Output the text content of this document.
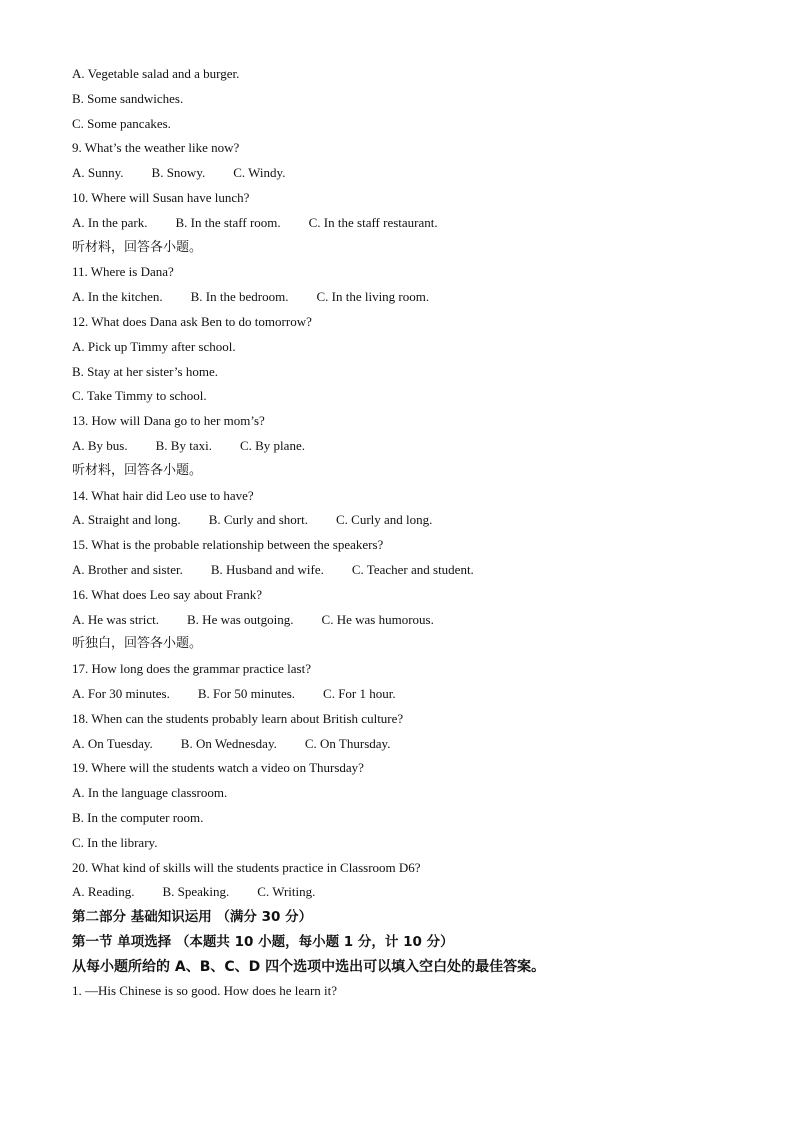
A. Vegetable salad and a burger.
B. Some sandwiches.
C. Some pancakes.
9. What’s the weather like now?
A. Sunny. B. Snowy. C. Windy.
10. Where will Susan have lunch?
A. In the park. B. In the staff room. C. In the staff restaurant.
听材料，回答各小题。
11. Where is Dana?
A. In the kitchen. B. In the bedroom. C. In the living room.
12. What does Dana ask Ben to do tomorrow?
A. Pick up Timmy after school.
B. Stay at her sister’s home.
C. Take Timmy to school.
13. How will Dana go to her mom’s?
A. By bus. B. By taxi. C. By plane.
听材料，回答各小题。
14. What hair did Leo use to have?
A. Straight and long. B. Curly and short. C. Curly and long.
15. What is the probable relationship between the speakers?
A. Brother and sister. B. Husband and wife. C. Teacher and student.
16. What does Leo say about Frank?
A. He was strict. B. He was outgoing. C. He was humorous.
听独白，回答各小题。
17. How long does the grammar practice last?
A. For 30 minutes. B. For 50 minutes. C. For 1 hour.
18. When can the students probably learn about British culture?
A. On Tuesday. B. On Wednesday. C. On Thursday.
19. Where will the students watch a video on Thursday?
A. In the language classroom.
B. In the computer room.
C. In the library.
20. What kind of skills will the students practice in Classroom D6?
A. Reading. B. Speaking. C. Writing.
第二部分 基础知识运用 （满分 30 分）
第一节 单项选择 （本题共 10 小题，每小题 1 分，计 10 分）
从每小题所给的 A、B、C、D 四个选项中选出可以填入空白处的最佳答案。
1. —His Chinese is so good. How does he learn it?
